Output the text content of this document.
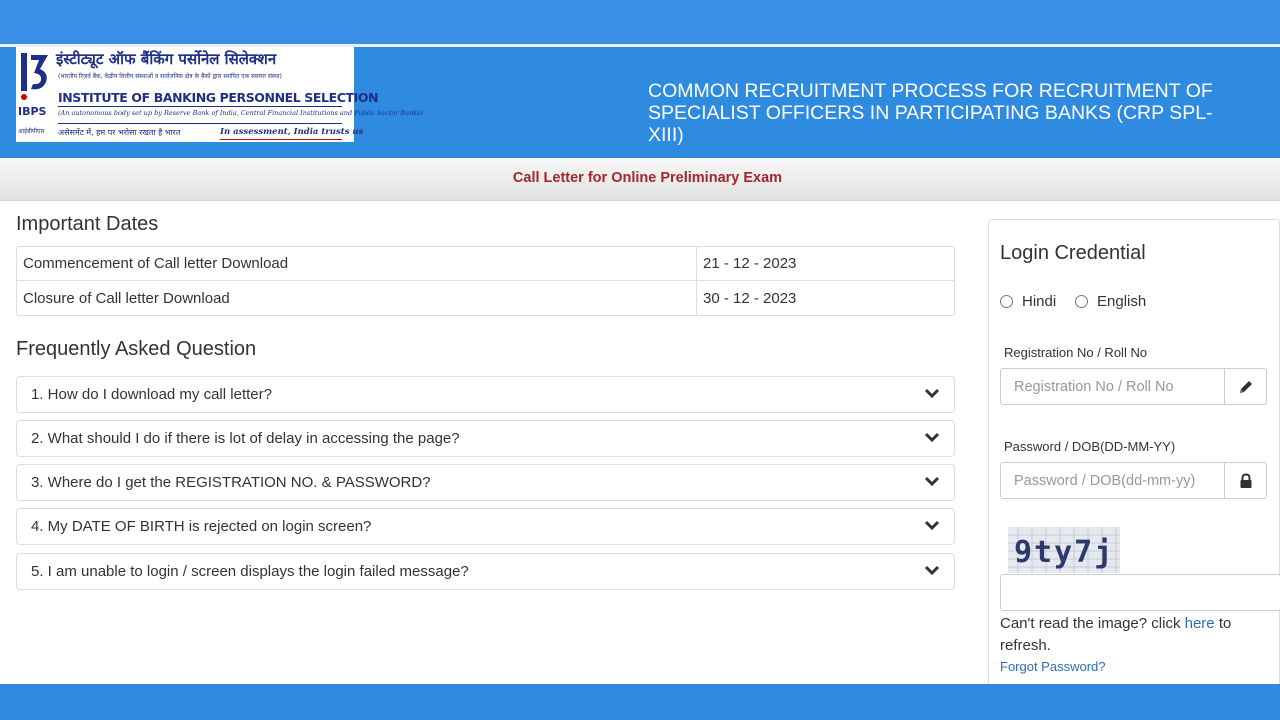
IBPS
आईबीपीएस
इंस्टीट्यूट ऑफ बैंकिंग पर्सोनेल सिलेक्शन
(भारतीय रिज़र्व बैंक, केंद्रीय वित्तीय संस्थाओं व सार्वजनिक क्षेत्र के बैंकों द्वारा स्थापित एक स्वायत्त संस्था)
INSTITUTE OF BANKING PERSONNEL SELECTION
(An autonomous body set up by Reserve Bank of India, Central Financial Institutions and Public Sector Banks)
असेसमेंट में, हम पर भरोसा रखता है भारत	In assessment, India trusts us
COMMON RECRUITMENT PROCESS FOR RECRUITMENT OF SPECIALIST OFFICERS IN PARTICIPATING BANKS (CRP SPL-XIII)
Call Letter for Online Preliminary Exam
Important Dates
Commencement of Call letter Download	21 - 12 - 2023
Closure of Call letter Download	30 - 12 - 2023
Frequently Asked Question
1. How do I download my call letter?
2. What should I do if there is lot of delay in accessing the page?
3. Where do I get the REGISTRATION NO. & PASSWORD?
4. My DATE OF BIRTH is rejected on login screen?
5. I am unable to login / screen displays the login failed message?
Login Credential
Hindi	English
Registration No / Roll No
Registration No / Roll No
Password / DOB(DD-MM-YY)
Password / DOB(dd-mm-yy)
9ty7j
Can't read the image? click here to refresh.
Forgot Password?
